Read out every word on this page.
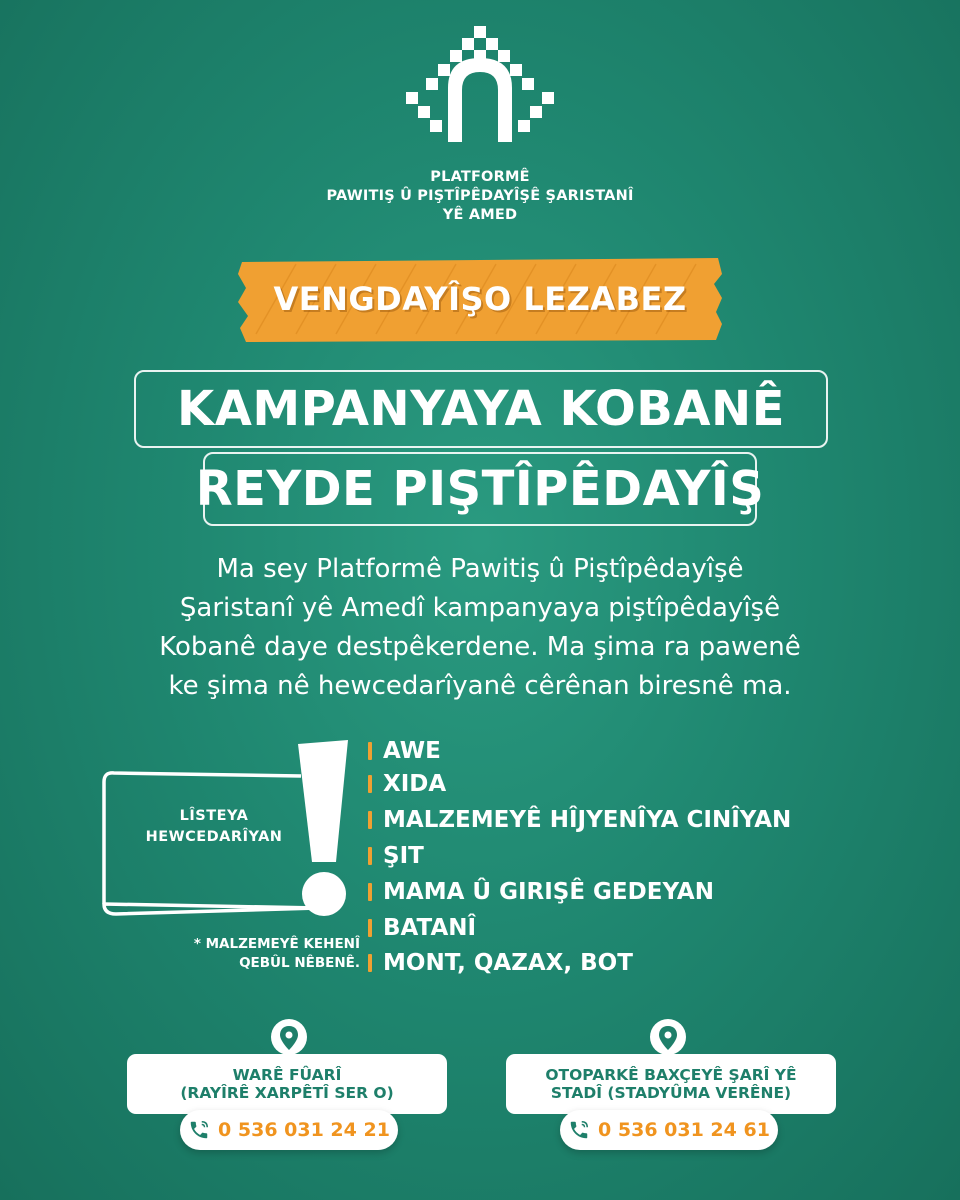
PLATFORMÊ
PAWITIŞ Û PIŞTÎPÊDAYÎŞÊ ŞARISTANÎ
YÊ AMED
VENGDAYÎŞO LEZABEZ
KAMPANYAYA KOBANÊ
REYDE PIŞTÎPÊDAYÎŞ
Ma sey Platformê Pawitiş û Piştîpêdayîşê
Şaristanî yê Amedî kampanyaya piştîpêdayîşê
Kobanê daye destpêkerdene. Ma şima ra pawenê
ke şima nê hewcedarîyanê cêrênan biresnê ma.
LÎSTEYA
HEWCEDARÎYAN
* MALZEMEYÊ KEHENÎ
QEBÛL NÊBENÊ.
AWE
XIDA
MALZEMEYÊ HÎJYENÎYA CINÎYAN
ŞIT
MAMA Û GIRIŞÊ GEDEYAN
BATANÎ
MONT, QAZAX, BOT
WARÊ FÛARÎ
(RAYÎRÊ XARPÊTÎ SER O)
0 536 031 24 21
OTOPARKÊ BAXÇEYÊ ŞARÎ YÊ
STADÎ (STADYÛMA VERÊNE)
0 536 031 24 61
